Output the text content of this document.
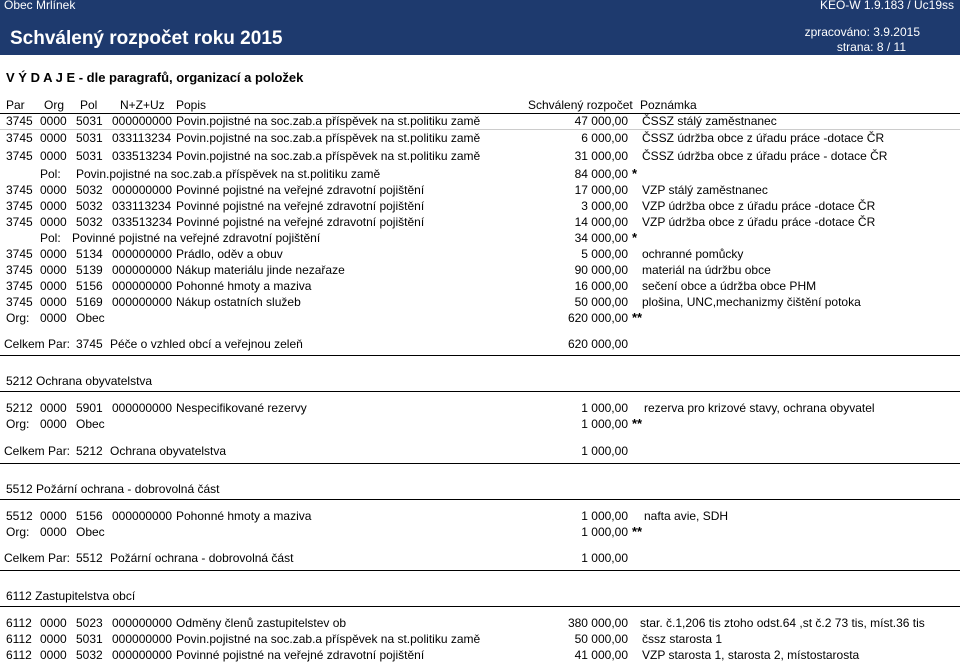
Obec Mrlínek	KEO-W 1.9.183 / Uc19ss
Schválený rozpočet roku 2015	zpracováno: 3.9.2015
strana: 8 / 11
V Ý D A J E - dle paragrafů, organizací a položek
Par Org Pol N+Z+Uz Popis	Schválený rozpočet Poznámka
3745 0000 5031 000000000 Povin.pojistné na soc.zab.a příspěvek na st.politiku zamě	47 000,00 ČSSZ stálý zaměstnanec
3745 0000 5031 033113234 Povin.pojistné na soc.zab.a příspěvek na st.politiku zamě	6 000,00 ČSSZ údržba obce z úřadu práce -dotace ČR
3745 0000 5031 033513234 Povin.pojistné na soc.zab.a příspěvek na st.politiku zamě	31 000,00 ČSSZ údržba obce z úřadu práce - dotace ČR
Pol: Povin.pojistné na soc.zab.a příspěvek na st.politiku zamě	84 000,00 *
3745 0000 5032 000000000 Povinné pojistné na veřejné zdravotní pojištění	17 000,00 VZP stálý zaměstnanec
3745 0000 5032 033113234 Povinné pojistné na veřejné zdravotní pojištění	3 000,00 VZP údržba obce z úřadu práce -dotace ČR
3745 0000 5032 033513234 Povinné pojistné na veřejné zdravotní pojištění	14 000,00 VZP údržba obce z úřadu práce -dotace ČR
Pol: Povinné pojistné na veřejné zdravotní pojištění	34 000,00 *
3745 0000 5134 000000000 Prádlo, oděv a obuv	5 000,00 ochranné pomůcky
3745 0000 5139 000000000 Nákup materiálu jinde nezařaze	90 000,00 materiál na údržbu obce
3745 0000 5156 000000000 Pohonné hmoty a maziva	16 000,00 sečení obce a údržba obce PHM
3745 0000 5169 000000000 Nákup ostatních služeb	50 000,00 plošina, UNC,mechanizmy čištění potoka
Org: 0000 Obec	620 000,00 **
Celkem Par: 3745 Péče o vzhled obcí a veřejnou zeleň	620 000,00
5212 Ochrana obyvatelstva
5212 0000 5901 000000000 Nespecifikované rezervy	1 000,00 rezerva pro krizové stavy, ochrana obyvatel
Org: 0000 Obec	1 000,00 **
Celkem Par: 5212 Ochrana obyvatelstva	1 000,00
5512 Požární ochrana - dobrovolná část
5512 0000 5156 000000000 Pohonné hmoty a maziva	1 000,00 nafta avie, SDH
Org: 0000 Obec	1 000,00 **
Celkem Par: 5512 Požární ochrana - dobrovolná část	1 000,00
6112 Zastupitelstva obcí
6112 0000 5023 000000000 Odměny členů zastupitelstev ob	380 000,00 star. č.1,206 tis ztoho odst.64 ,st č.2 73 tis, míst.36 tis
6112 0000 5031 000000000 Povin.pojistné na soc.zab.a příspěvek na st.politiku zamě	50 000,00 čssz starosta 1
6112 0000 5032 000000000 Povinné pojistné na veřejné zdravotní pojištění	41 000,00 VZP starosta 1, starosta 2, místostarosta
